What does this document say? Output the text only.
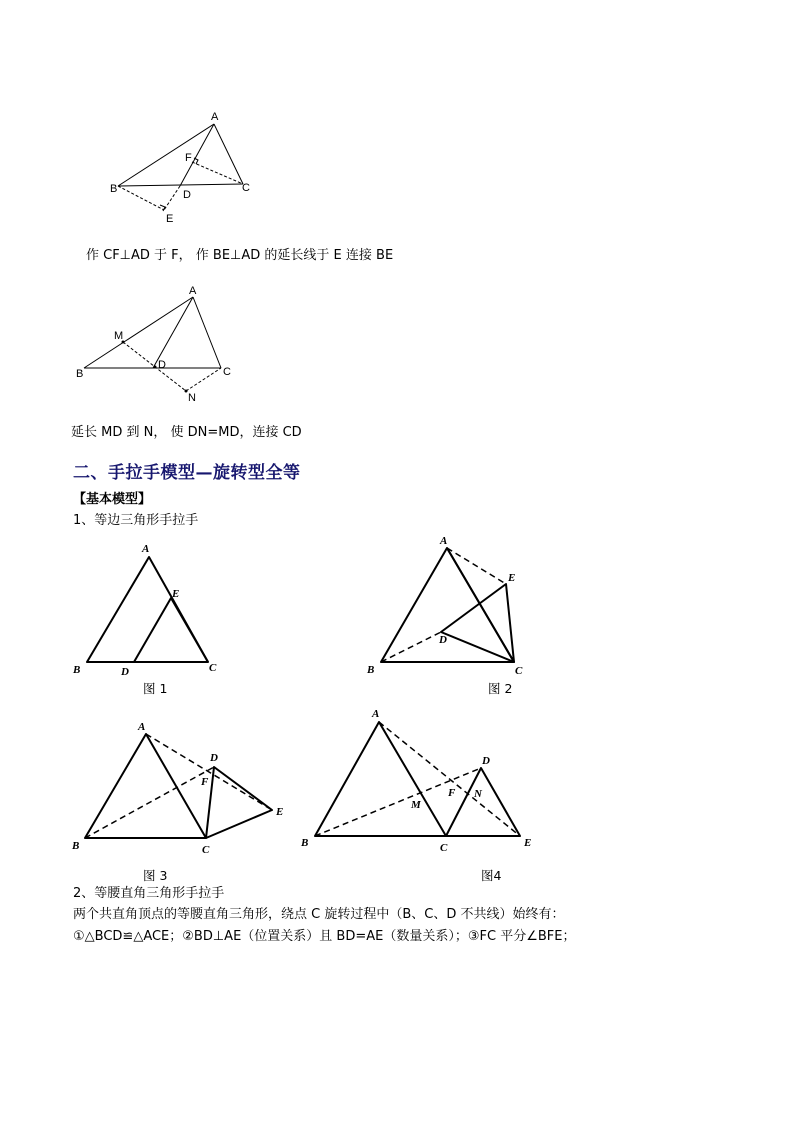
A
B	C
D
E
F
作 CF⊥AD 于 F， 作 BE⊥AD 的延长线于 E 连接 BE
A
B	C
D
M
N
延长 MD 到 N， 使 DN=MD，连接 CD
二、手拉手模型—旋转型全等
【基本模型】
1、等边三角形手拉手
A
B	C
D
E
图 1
A
B	C
D
E
图 2
A
B	C
D
E
F
图 3
A
B	C
D
E
F
M
N
图4
2、等腰直角三角形手拉手
两个共直角顶点的等腰直角三角形，绕点 C 旋转过程中（B、C、D 不共线）始终有：
①△BCD≌△ACE；②BD⊥AE（位置关系）且 BD=AE（数量关系）；③FC 平分∠BFE；
